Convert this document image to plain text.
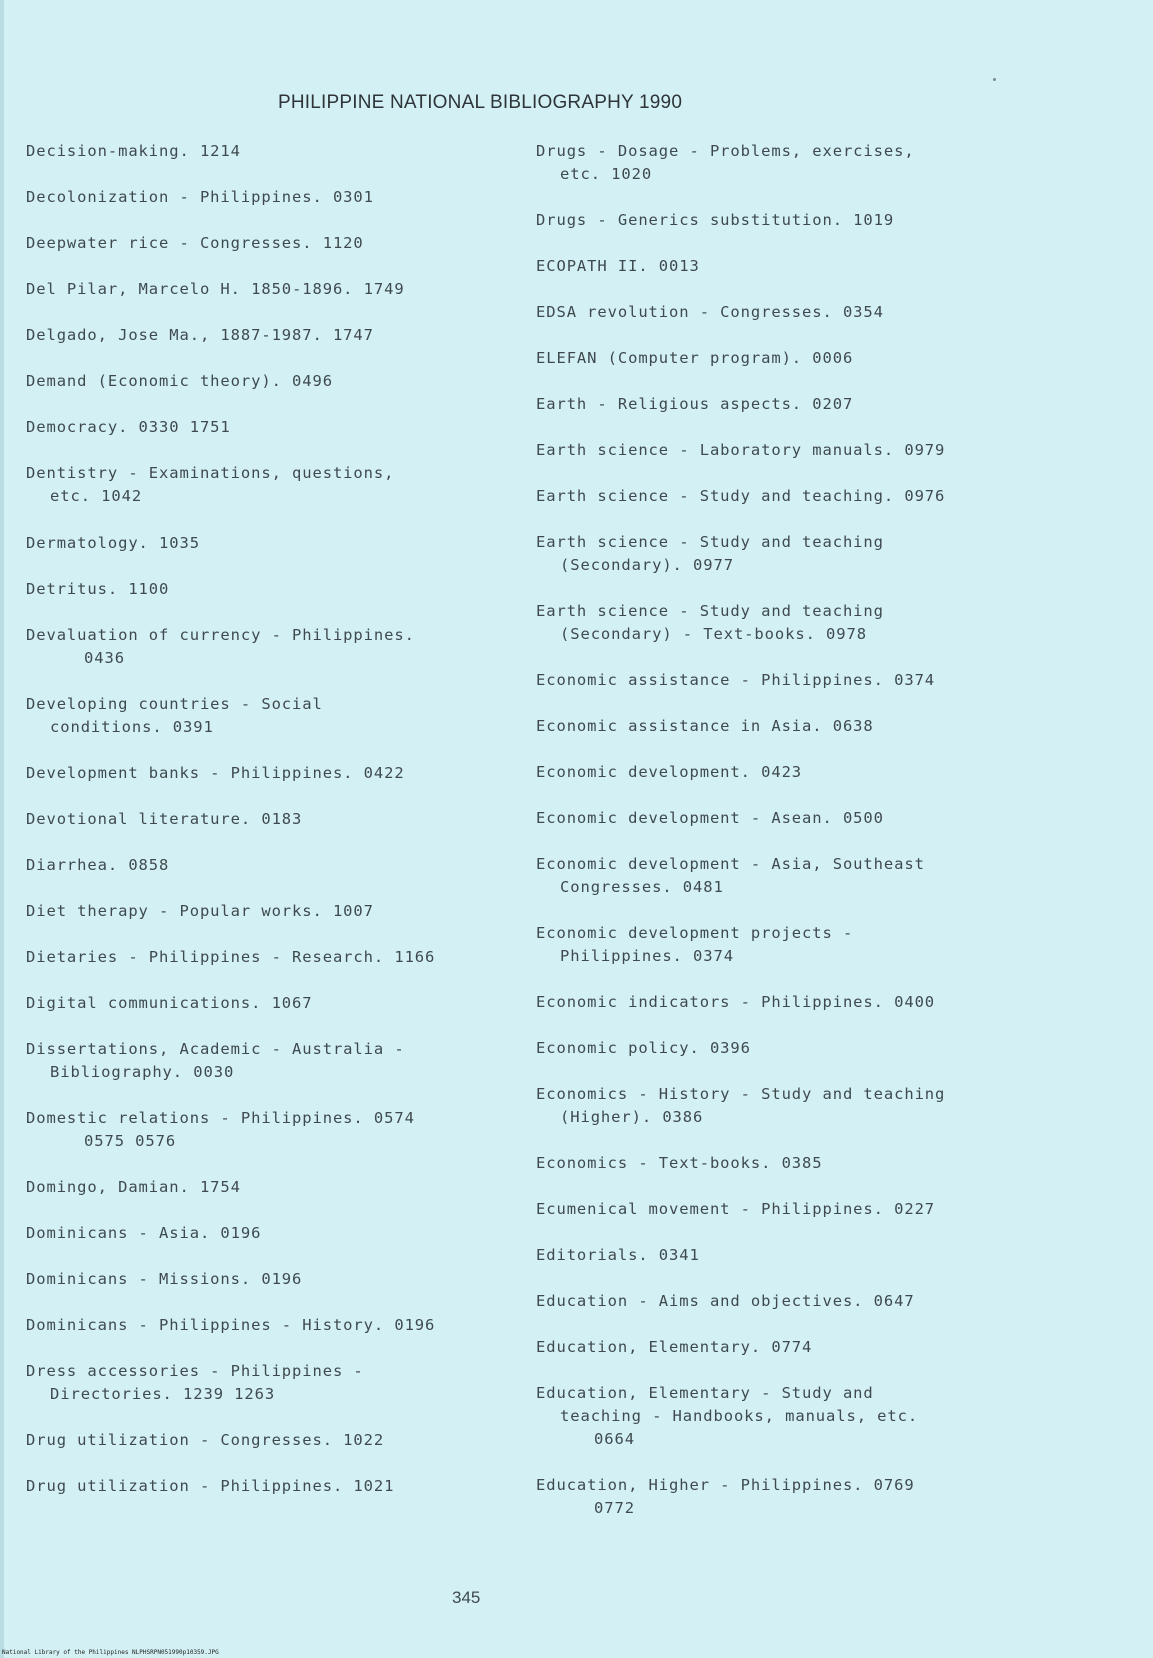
PHILIPPINE NATIONAL BIBLIOGRAPHY 1990
Decision-making. 1214
Decolonization - Philippines. 0301
Deepwater rice - Congresses. 1120
Del Pilar, Marcelo H. 1850-1896. 1749
Delgado, Jose Ma., 1887-1987. 1747
Demand (Economic theory). 0496
Democracy. 0330 1751
Dentistry - Examinations, questions,
etc. 1042
Dermatology. 1035
Detritus. 1100
Devaluation of currency - Philippines.
0436
Developing countries - Social
conditions. 0391
Development banks - Philippines. 0422
Devotional literature. 0183
Diarrhea. 0858
Diet therapy - Popular works. 1007
Dietaries - Philippines - Research. 1166
Digital communications. 1067
Dissertations, Academic - Australia -
Bibliography. 0030
Domestic relations - Philippines. 0574
0575 0576
Domingo, Damian. 1754
Dominicans - Asia. 0196
Dominicans - Missions. 0196
Dominicans - Philippines - History. 0196
Dress accessories - Philippines -
Directories. 1239 1263
Drug utilization - Congresses. 1022
Drug utilization - Philippines. 1021
Drugs - Dosage - Problems, exercises,
etc. 1020
Drugs - Generics substitution. 1019
ECOPATH II. 0013
EDSA revolution - Congresses. 0354
ELEFAN (Computer program). 0006
Earth - Religious aspects. 0207
Earth science - Laboratory manuals. 0979
Earth science - Study and teaching. 0976
Earth science - Study and teaching
(Secondary). 0977
Earth science - Study and teaching
(Secondary) - Text-books. 0978
Economic assistance - Philippines. 0374
Economic assistance in Asia. 0638
Economic development. 0423
Economic development - Asean. 0500
Economic development - Asia, Southeast
Congresses. 0481
Economic development projects -
Philippines. 0374
Economic indicators - Philippines. 0400
Economic policy. 0396
Economics - History - Study and teaching
(Higher). 0386
Economics - Text-books. 0385
Ecumenical movement - Philippines. 0227
Editorials. 0341
Education - Aims and objectives. 0647
Education, Elementary. 0774
Education, Elementary - Study and
teaching - Handbooks, manuals, etc.
0664
Education, Higher - Philippines. 0769
0772
345
National Library of the Philippines NLPHSRPN051990p10359.JPG
